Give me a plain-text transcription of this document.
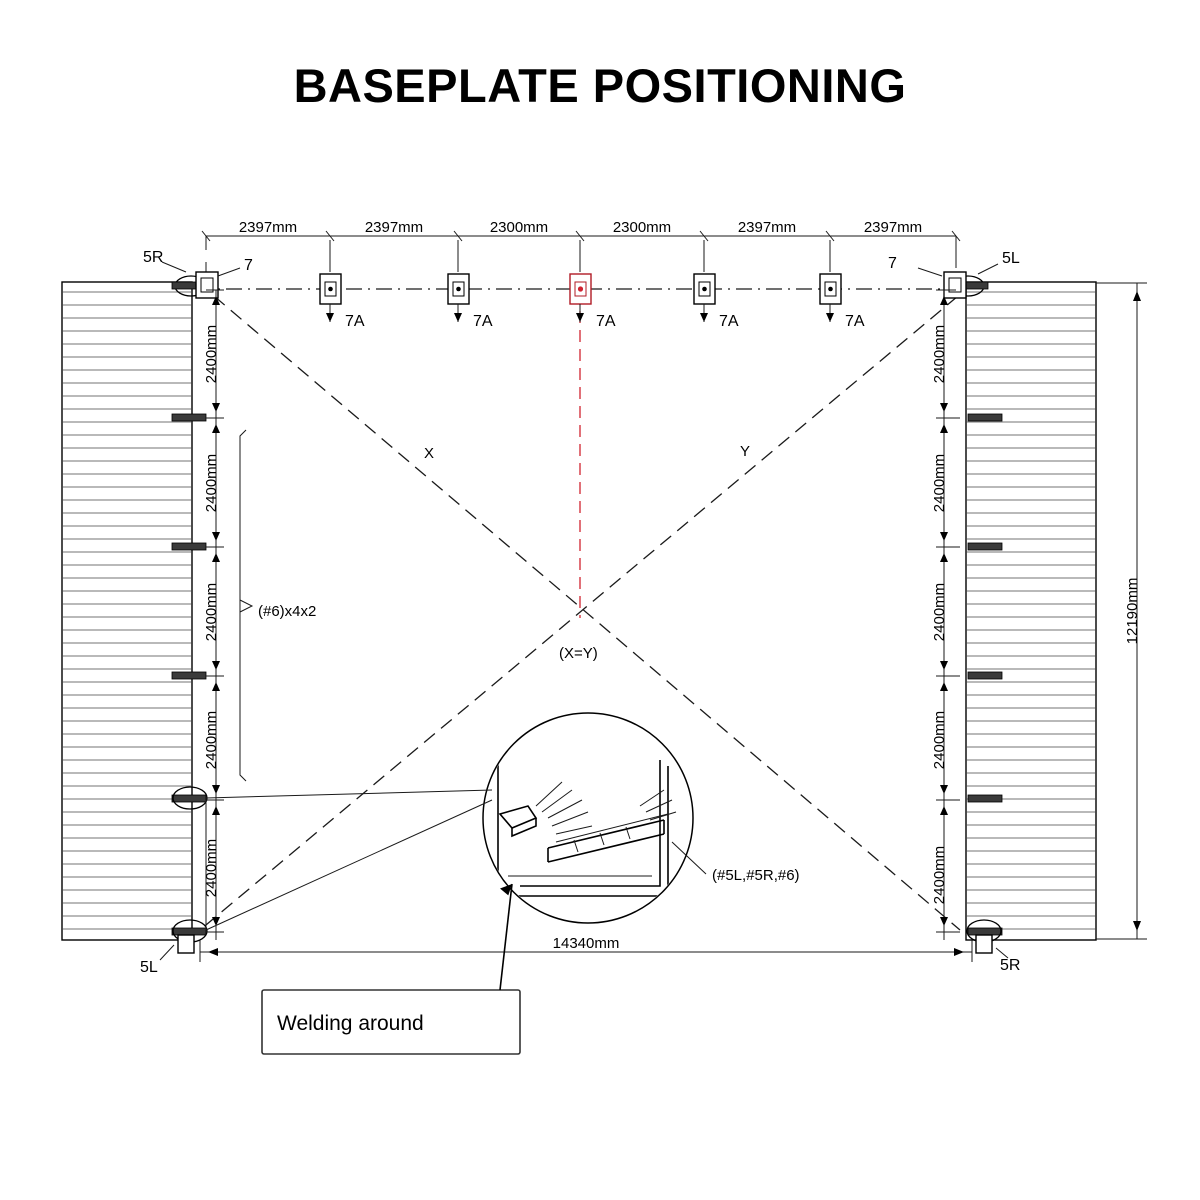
BASEPLATE POSITIONING
2397mm	2397mm	2300mm	2300mm	2397mm	2397mm
7A	7A	7A	7A	7A
5R	7	5L
7
5L	5R
2400mm
2400mm
2400mm
2400mm
2400mm
2400mm
2400mm
2400mm
2400mm
2400mm
12190mm
14340mm
(#6)x4x2
X	Y
(X=Y)
(#5L,#5R,#6)
Welding around
